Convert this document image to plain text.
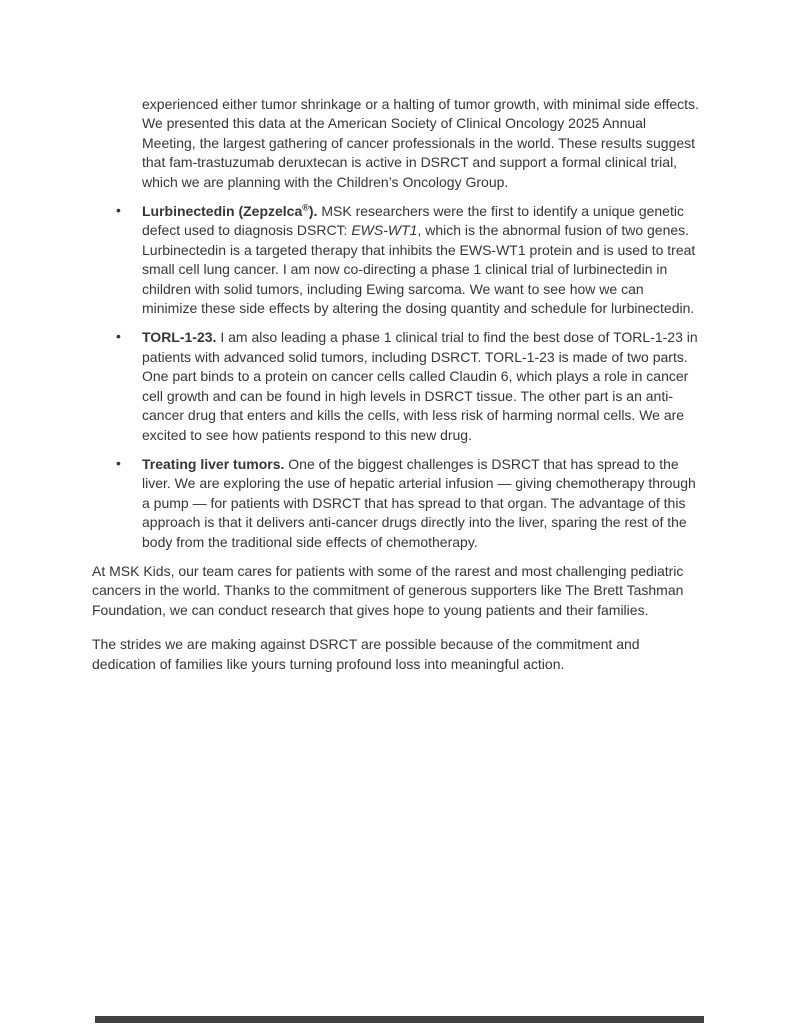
experienced either tumor shrinkage or a halting of tumor growth, with minimal side effects. We presented this data at the American Society of Clinical Oncology 2025 Annual Meeting, the largest gathering of cancer professionals in the world. These results suggest that fam-trastuzumab deruxtecan is active in DSRCT and support a formal clinical trial, which we are planning with the Children’s Oncology Group.

• Lurbinectedin (Zepzelca®). MSK researchers were the first to identify a unique genetic defect used to diagnosis DSRCT: EWS-WT1, which is the abnormal fusion of two genes. Lurbinectedin is a targeted therapy that inhibits the EWS-WT1 protein and is used to treat small cell lung cancer. I am now co-directing a phase 1 clinical trial of lurbinectedin in children with solid tumors, including Ewing sarcoma. We want to see how we can minimize these side effects by altering the dosing quantity and schedule for lurbinectedin.
• TORL-1-23. I am also leading a phase 1 clinical trial to find the best dose of TORL-1-23 in patients with advanced solid tumors, including DSRCT. TORL-1-23 is made of two parts. One part binds to a protein on cancer cells called Claudin 6, which plays a role in cancer cell growth and can be found in high levels in DSRCT tissue. The other part is an anti-cancer drug that enters and kills the cells, with less risk of harming normal cells. We are excited to see how patients respond to this new drug.
• Treating liver tumors. One of the biggest challenges is DSRCT that has spread to the liver. We are exploring the use of hepatic arterial infusion — giving chemotherapy through a pump — for patients with DSRCT that has spread to that organ. The advantage of this approach is that it delivers anti-cancer drugs directly into the liver, sparing the rest of the body from the traditional side effects of chemotherapy.

At MSK Kids, our team cares for patients with some of the rarest and most challenging pediatric cancers in the world. Thanks to the commitment of generous supporters like The Brett Tashman Foundation, we can conduct research that gives hope to young patients and their families.

The strides we are making against DSRCT are possible because of the commitment and dedication of families like yours turning profound loss into meaningful action.
